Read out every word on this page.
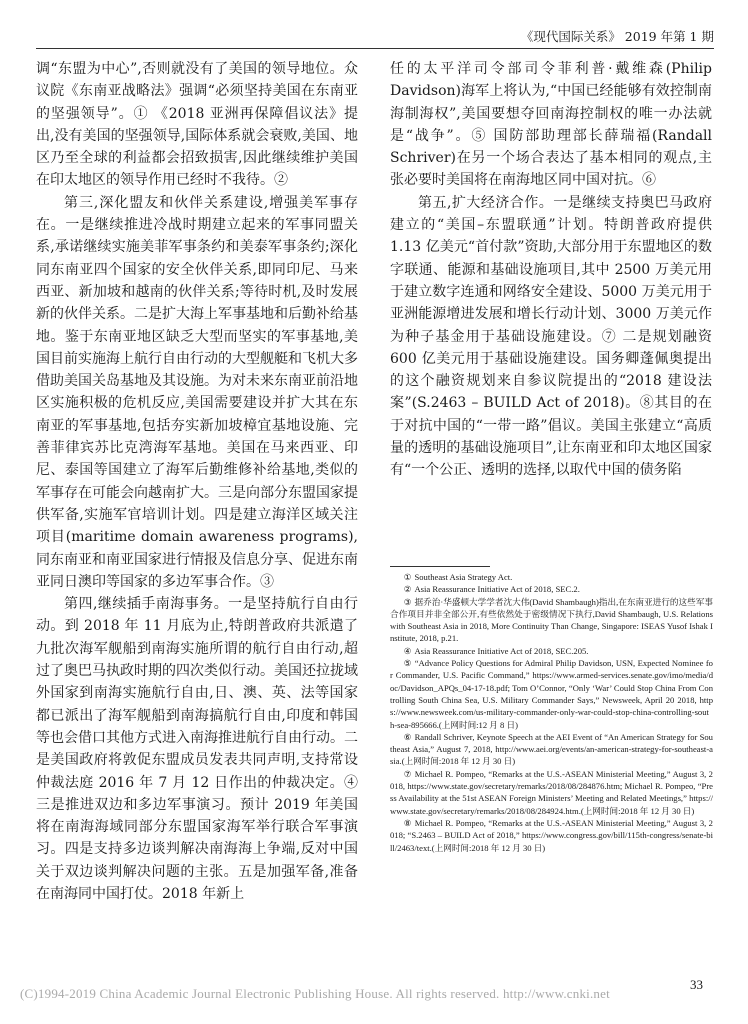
《现代国际关系》 2019 年第 1 期

调“东盟为中心”,否则就没有了美国的领导地位。众议院《东南亚战略法》强调“必须坚持美国在东南亚的坚强领导”。① 《2018 亚洲再保障倡议法》提出,没有美国的坚强领导,国际体系就会衰败,美国、地区乃至全球的利益都会招致损害,因此继续维护美国在印太地区的领导作用已经时不我待。②

第三,深化盟友和伙伴关系建设,增强美军事存在。一是继续推进冷战时期建立起来的军事同盟关系,承诺继续实施美菲军事条约和美泰军事条约;深化同东南亚四个国家的安全伙伴关系,即同印尼、马来西亚、新加坡和越南的伙伴关系;等待时机,及时发展新的伙伴关系。二是扩大海上军事基地和后勤补给基地。鉴于东南亚地区缺乏大型而坚实的军事基地,美国目前实施海上航行自由行动的大型舰艇和飞机大多借助美国关岛基地及其设施。为对未来东南亚前沿地区实施积极的危机反应,美国需要建设并扩大其在东南亚的军事基地,包括夯实新加坡樟宜基地设施、完善菲律宾苏比克湾海军基地。美国在马来西亚、印尼、泰国等国建立了海军后勤维修补给基地,类似的军事存在可能会向越南扩大。三是向部分东盟国家提供军备,实施军官培训计划。四是建立海洋区域关注项目(maritime domain awareness programs),同东南亚和南亚国家进行情报及信息分享、促进东南亚同日澳印等国家的多边军事合作。③

第四,继续插手南海事务。一是坚持航行自由行动。到 2018 年 11 月底为止,特朗普政府共派遣了九批次海军舰船到南海实施所谓的航行自由行动,超过了奥巴马执政时期的四次类似行动。美国还拉拢域外国家到南海实施航行自由,日、澳、英、法等国家都已派出了海军舰船到南海搞航行自由,印度和韩国等也会借口其他方式进入南海推进航行自由行动。二是美国政府将敦促东盟成员发表共同声明,支持常设仲裁法庭 2016 年 7 月 12 日作出的仲裁决定。④ 三是推进双边和多边军事演习。预计 2019 年美国将在南海海域同部分东盟国家海军举行联合军事演习。四是支持多边谈判解决南海海上争端,反对中国关于双边谈判解决问题的主张。五是加强军备,准备在南海同中国打仗。2018 年新上

任的太平洋司令部司令菲利普·戴维森(Philip Davidson)海军上将认为,“中国已经能够有效控制南海制海权”,美国要想夺回南海控制权的唯一办法就是“战争”。⑤ 国防部助理部长薛瑞福(Randall Schriver)在另一个场合表达了基本相同的观点,主张必要时美国将在南海地区同中国对抗。⑥

第五,扩大经济合作。一是继续支持奥巴马政府建立的“美国–东盟联通”计划。特朗普政府提供 1.13 亿美元“首付款”资助,大部分用于东盟地区的数字联通、能源和基础设施项目,其中 2500 万美元用于建立数字连通和网络安全建设、5000 万美元用于亚洲能源增进发展和增长行动计划、3000 万美元作为种子基金用于基础设施建设。⑦ 二是规划融资 600 亿美元用于基础设施建设。国务卿蓬佩奥提出的这个融资规划来自参议院提出的“2018 建设法案”(S.2463 – BUILD Act of 2018)。⑧其目的在于对抗中国的“一带一路”倡议。美国主张建立“高质量的透明的基础设施项目”,让东南亚和印太地区国家有“一个公正、透明的选择,以取代中国的债务陷

① Southeast Asia Strategy Act.

② Asia Reassurance Initiative Act of 2018, SEC.2.

③ 据乔治·华盛顿大学学者沈大伟(David Shambaugh)指出,在东南亚进行的这些军事合作项目并非全部公开,有些依然处于密级情况下执行,David Shambaugh, U.S. Relations with Southeast Asia in 2018, More Continuity Than Change, Singapore: ISEAS Yusof Ishak Institute, 2018, p.21.

④ Asia Reassurance Initiative Act of 2018, SEC.205.

⑤ “Advance Policy Questions for Admiral Philip Davidson, USN, Expected Nominee for Commander, U.S. Pacific Command,” https://www.armed-services.senate.gov/imo/media/doc/Davidson_APQs_04-17-18.pdf; Tom O’Connor, “Only ‘War’ Could Stop China From Controlling South China Sea, U.S. Military Commander Says,” Newsweek, April 20 2018, https://www.newsweek.com/us-military-commander-only-war-could-stop-china-controlling-south-sea-895666.(上网时间:12 月 8 日)

⑥ Randall Schriver, Keynote Speech at the AEI Event of “An American Strategy for Southeast Asia,” August 7, 2018, http://www.aei.org/events/an-american-strategy-for-southeast-asia.(上网时间:2018 年 12 月 30 日)

⑦ Michael R. Pompeo, “Remarks at the U.S.-ASEAN Ministerial Meeting,” August 3, 2018, https://www.state.gov/secretary/remarks/2018/08/284876.htm; Michael R. Pompeo, “Press Availability at the 51st ASEAN Foreign Ministers’ Meeting and Related Meetings,” https://www.state.gov/secretary/remarks/2018/08/284924.htm.(上网时间:2018 年 12 月 30 日)

⑧ Michael R. Pompeo, “Remarks at the U.S.-ASEAN Ministerial Meeting,” August 3, 2018; “S.2463 – BUILD Act of 2018,” https://www.congress.gov/bill/115th-congress/senate-bill/2463/text.(上网时间:2018 年 12 月 30 日)

33
(C)1994-2019 China Academic Journal Electronic Publishing House. All rights reserved. http://www.cnki.net
